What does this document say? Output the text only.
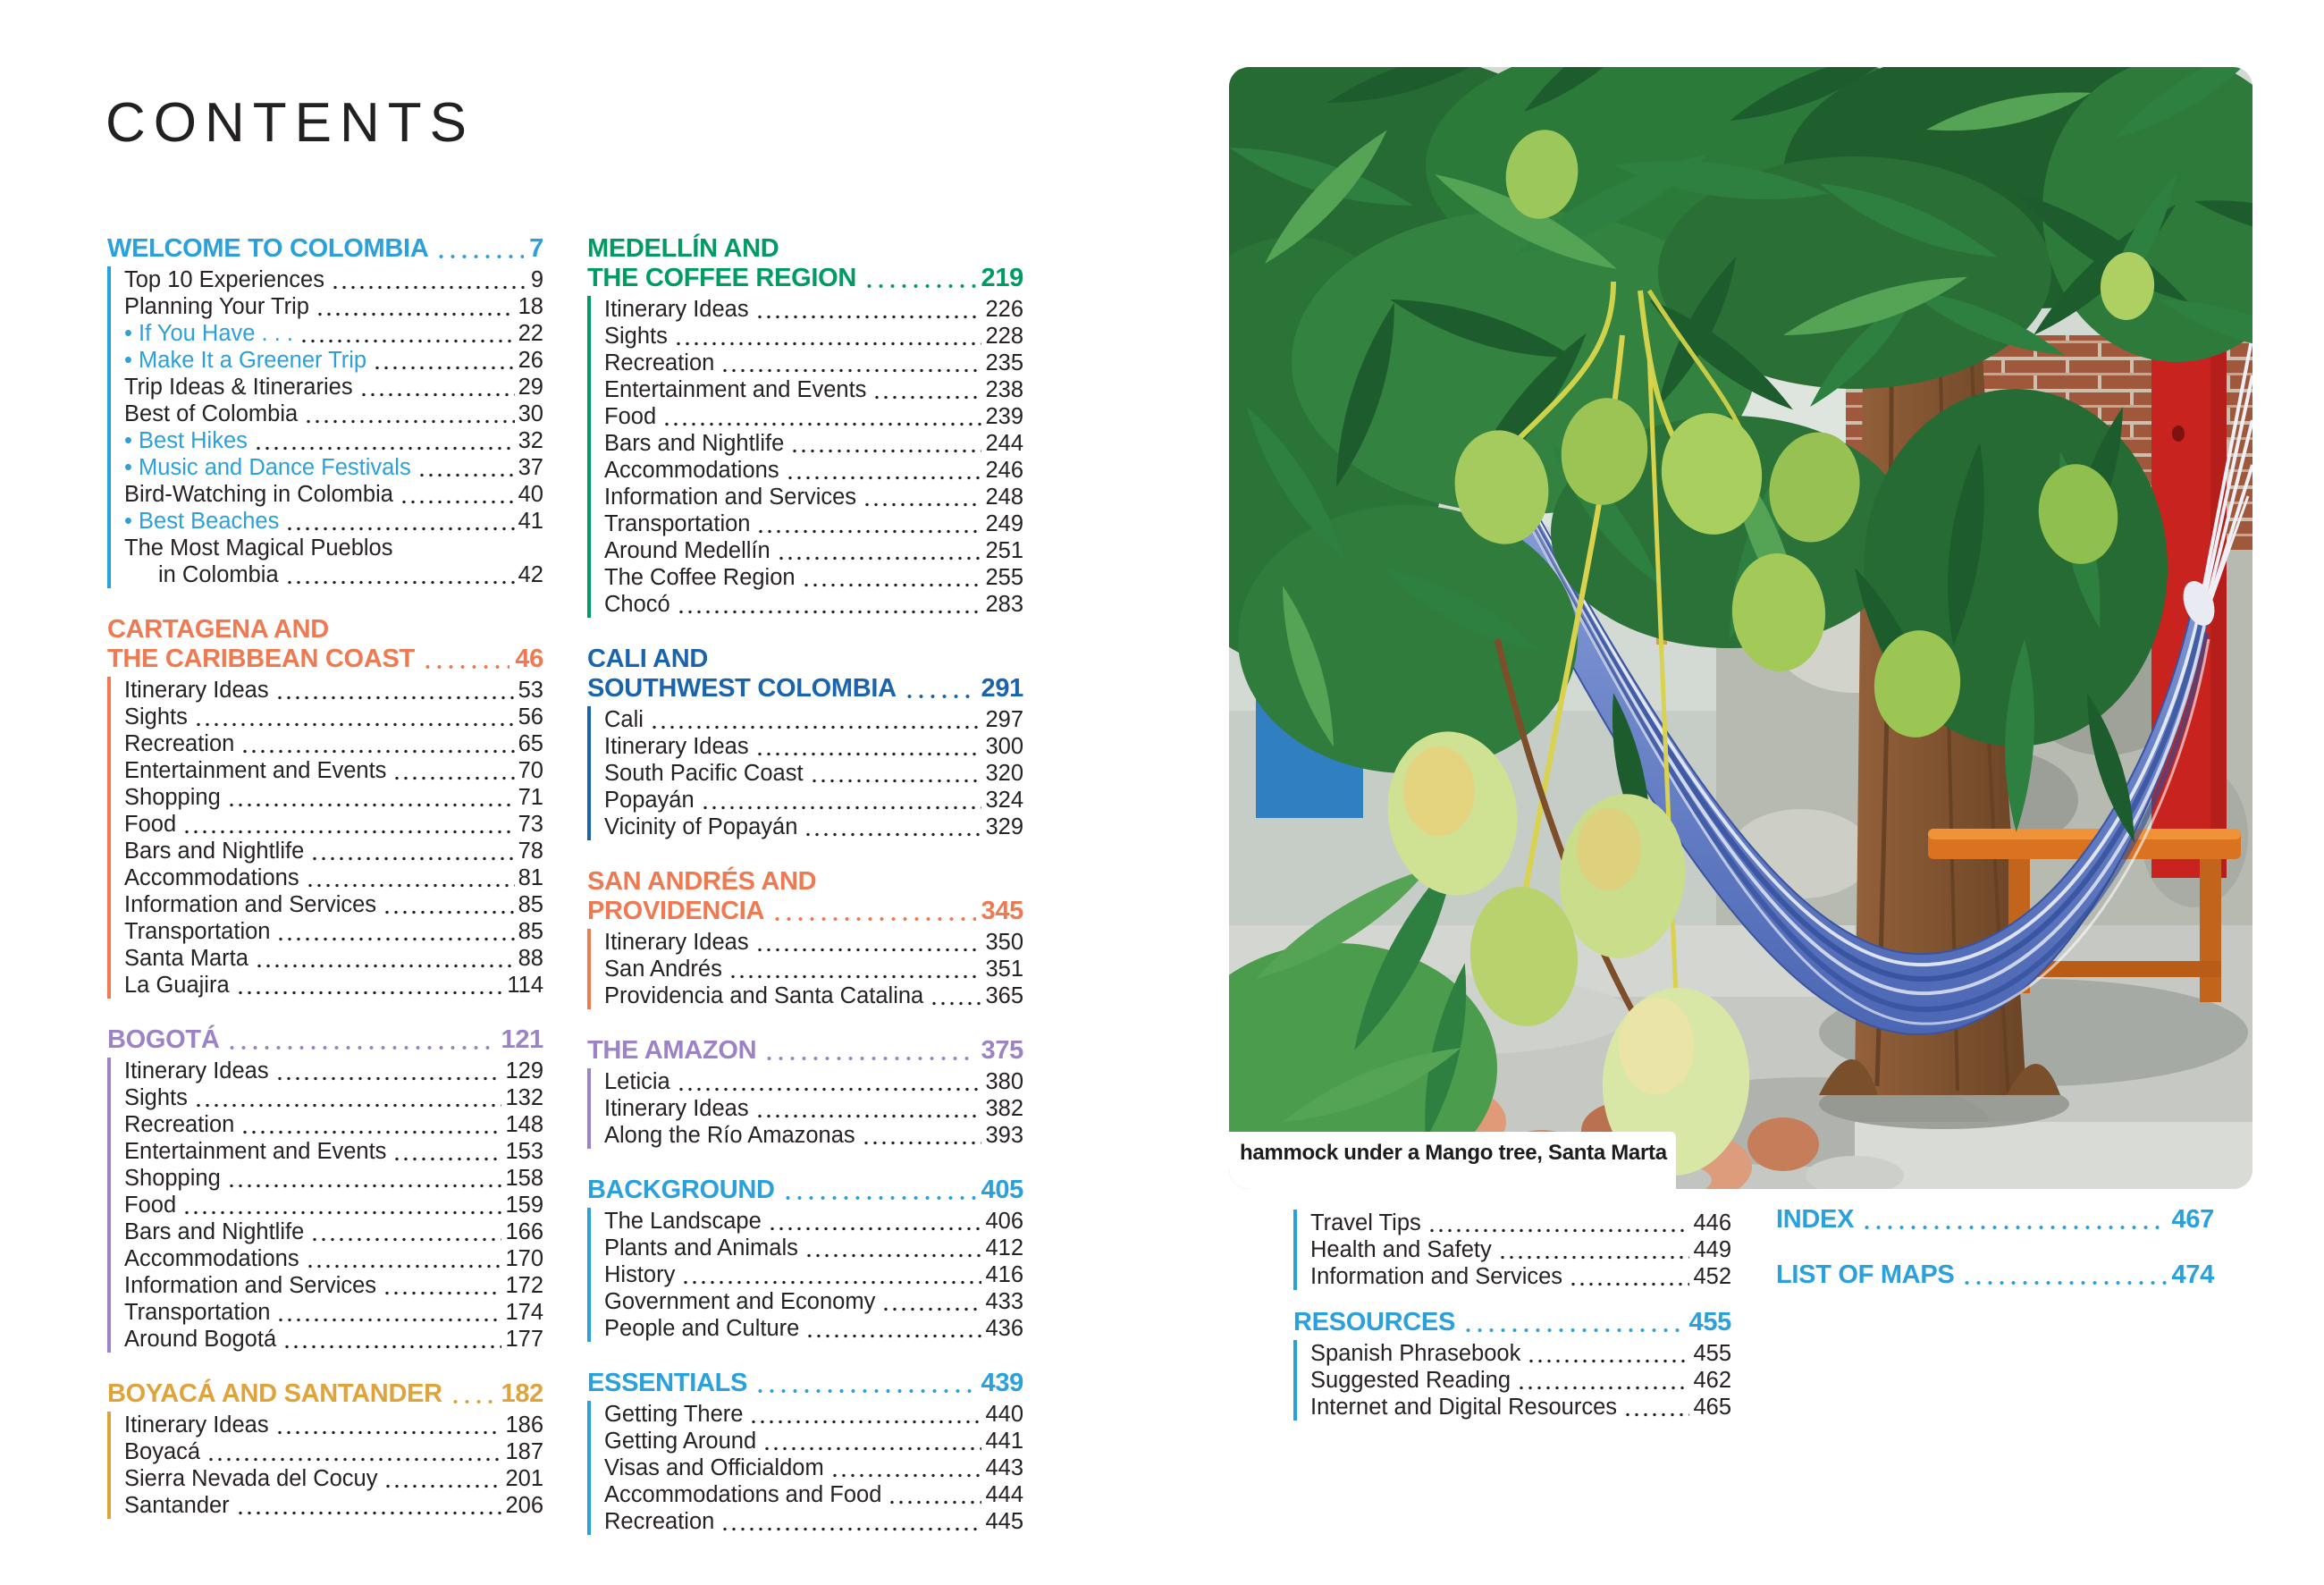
CONTENTS
WELCOME TO COLOMBIA	7
Top 10 Experiences	9
Planning Your Trip	18
• If You Have . . .	22
• Make It a Greener Trip	26
Trip Ideas & Itineraries	29
Best of Colombia	30
• Best Hikes	32
• Music and Dance Festivals	37
Bird-Watching in Colombia	40
• Best Beaches	41
The Most Magical Pueblos
in Colombia	42
CARTAGENA AND
THE CARIBBEAN COAST	46
Itinerary Ideas	53
Sights	56
Recreation	65
Entertainment and Events	70
Shopping	71
Food	73
Bars and Nightlife	78
Accommodations	81
Information and Services	85
Transportation	85
Santa Marta	88
La Guajira	114
BOGOTÁ	121
Itinerary Ideas	129
Sights	132
Recreation	148
Entertainment and Events	153
Shopping	158
Food	159
Bars and Nightlife	166
Accommodations	170
Information and Services	172
Transportation	174
Around Bogotá	177
BOYACÁ AND SANTANDER 182
Itinerary Ideas	186
Boyacá	187
Sierra Nevada del Cocuy	201
Santander	206
MEDELLÍN AND
THE COFFEE REGION	219
Itinerary Ideas	226
Sights	228
Recreation	235
Entertainment and Events	238
Food	239
Bars and Nightlife	244
Accommodations	246
Information and Services	248
Transportation	249
Around Medellín	251
The Coffee Region	255
Chocó	283
CALI AND
SOUTHWEST COLOMBIA	291
Cali	297
Itinerary Ideas	300
South Pacific Coast	320
Popayán	324
Vicinity of Popayán	329
SAN ANDRÉS AND
PROVIDENCIA	345
Itinerary Ideas	350
San Andrés	351
Providencia and Santa Catalina	365
THE AMAZON	375
Leticia	380
Itinerary Ideas	382
Along the Río Amazonas	393
BACKGROUND	405
The Landscape	406
Plants and Animals	412
History	416
Government and Economy	433
People and Culture	436
ESSENTIALS	439
Getting There	440
Getting Around	441
Visas and Officialdom	443
Accommodations and Food	444
Recreation	445
Travel Tips	446
Health and Safety	449
Information and Services	452
RESOURCES	455
Spanish Phrasebook	455
Suggested Reading	462
Internet and Digital Resources	465
INDEX	467
LIST OF MAPS	474
hammock under a Mango tree, Santa Marta
